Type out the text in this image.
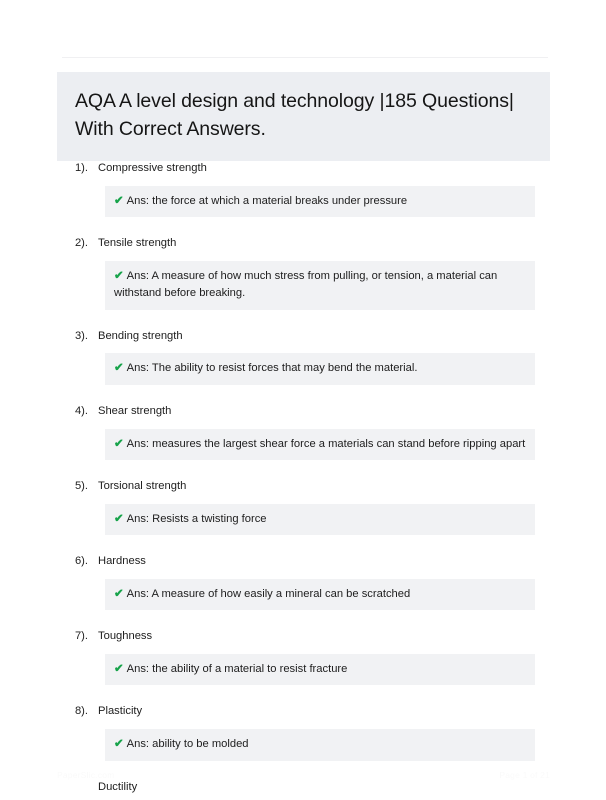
AQA A level design and technology |185 Questions| With Correct Answers.
1). Compressive strength
✔ Ans: the force at which a material breaks under pressure
2). Tensile strength
✔ Ans: A measure of how much stress from pulling, or tension, a material can withstand before breaking.
3). Bending strength
✔ Ans: The ability to resist forces that may bend the material.
4). Shear strength
✔ Ans: measures the largest shear force a materials can stand before ripping apart
5). Torsional strength
✔ Ans: Resists a twisting force
6). Hardness
✔ Ans: A measure of how easily a mineral can be scratched
7). Toughness
✔ Ans: the ability of a material to resist fracture
8). Plasticity
✔ Ans: ability to be molded
Ductility
PaperSlic.com	Page 1 of 21
